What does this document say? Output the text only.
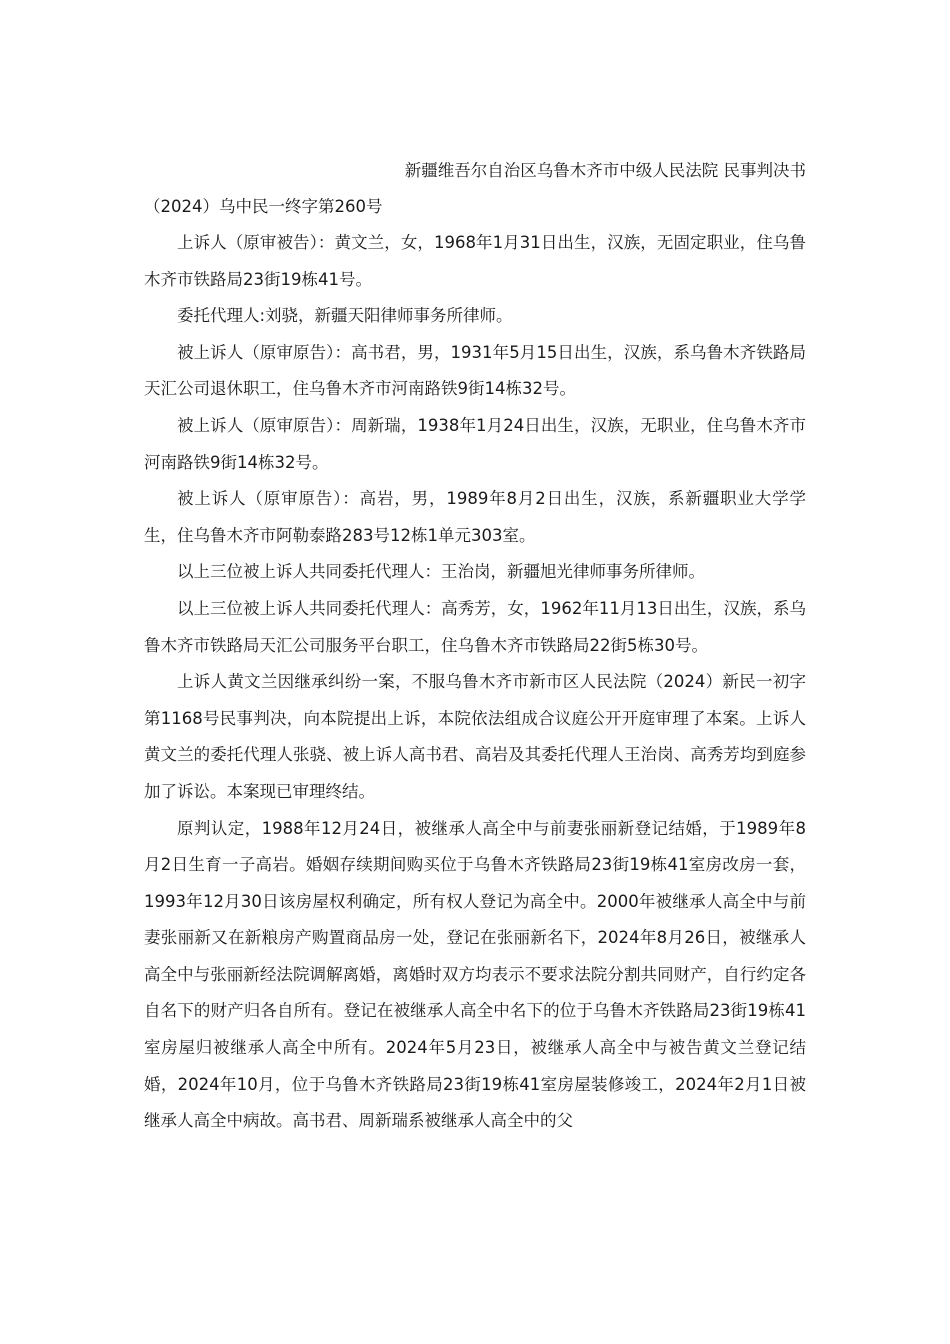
新疆维吾尔自治区乌鲁木齐市中级人民法院 民事判决书

（2024）乌中民一终字第260号

上诉人（原审被告）：黄文兰，女，1968年1月31日出生，汉族，无固定职业，住乌鲁木齐市铁路局23街19栋41号。

委托代理人:刘骁，新疆天阳律师事务所律师。

被上诉人（原审原告）：高书君，男，1931年5月15日出生，汉族，系乌鲁木齐铁路局天汇公司退休职工，住乌鲁木齐市河南路铁9街14栋32号。

被上诉人（原审原告）：周新瑞，1938年1月24日出生，汉族，无职业，住乌鲁木齐市河南路铁9街14栋32号。

被上诉人（原审原告）：高岩，男，1989年8月2日出生，汉族，系新疆职业大学学生，住乌鲁木齐市阿勒泰路283号12栋1单元303室。

以上三位被上诉人共同委托代理人：王治岗，新疆旭光律师事务所律师。

以上三位被上诉人共同委托代理人：高秀芳，女，1962年11月13日出生，汉族，系乌鲁木齐市铁路局天汇公司服务平台职工，住乌鲁木齐市铁路局22街5栋30号。

上诉人黄文兰因继承纠纷一案，不服乌鲁木齐市新市区人民法院（2024）新民一初字第1168号民事判决，向本院提出上诉，本院依法组成合议庭公开开庭审理了本案。上诉人黄文兰的委托代理人张骁、被上诉人高书君、高岩及其委托代理人王治岗、高秀芳均到庭参加了诉讼。本案现已审理终结。

原判认定，1988年12月24日，被继承人高全中与前妻张丽新登记结婚，于1989年8月2日生育一子高岩。婚姻存续期间购买位于乌鲁木齐铁路局23街19栋41室房改房一套，1993年12月30日该房屋权利确定，所有权人登记为高全中。2000年被继承人高全中与前妻张丽新又在新粮房产购置商品房一处，登记在张丽新名下，2024年8月26日，被继承人高全中与张丽新经法院调解离婚，离婚时双方均表示不要求法院分割共同财产，自行约定各自名下的财产归各自所有。登记在被继承人高全中名下的位于乌鲁木齐铁路局23街19栋41室房屋归被继承人高全中所有。2024年5月23日，被继承人高全中与被告黄文兰登记结婚，2024年10月，位于乌鲁木齐铁路局23街19栋41室房屋装修竣工，2024年2月1日被继承人高全中病故。高书君、周新瑞系被继承人高全中的父
